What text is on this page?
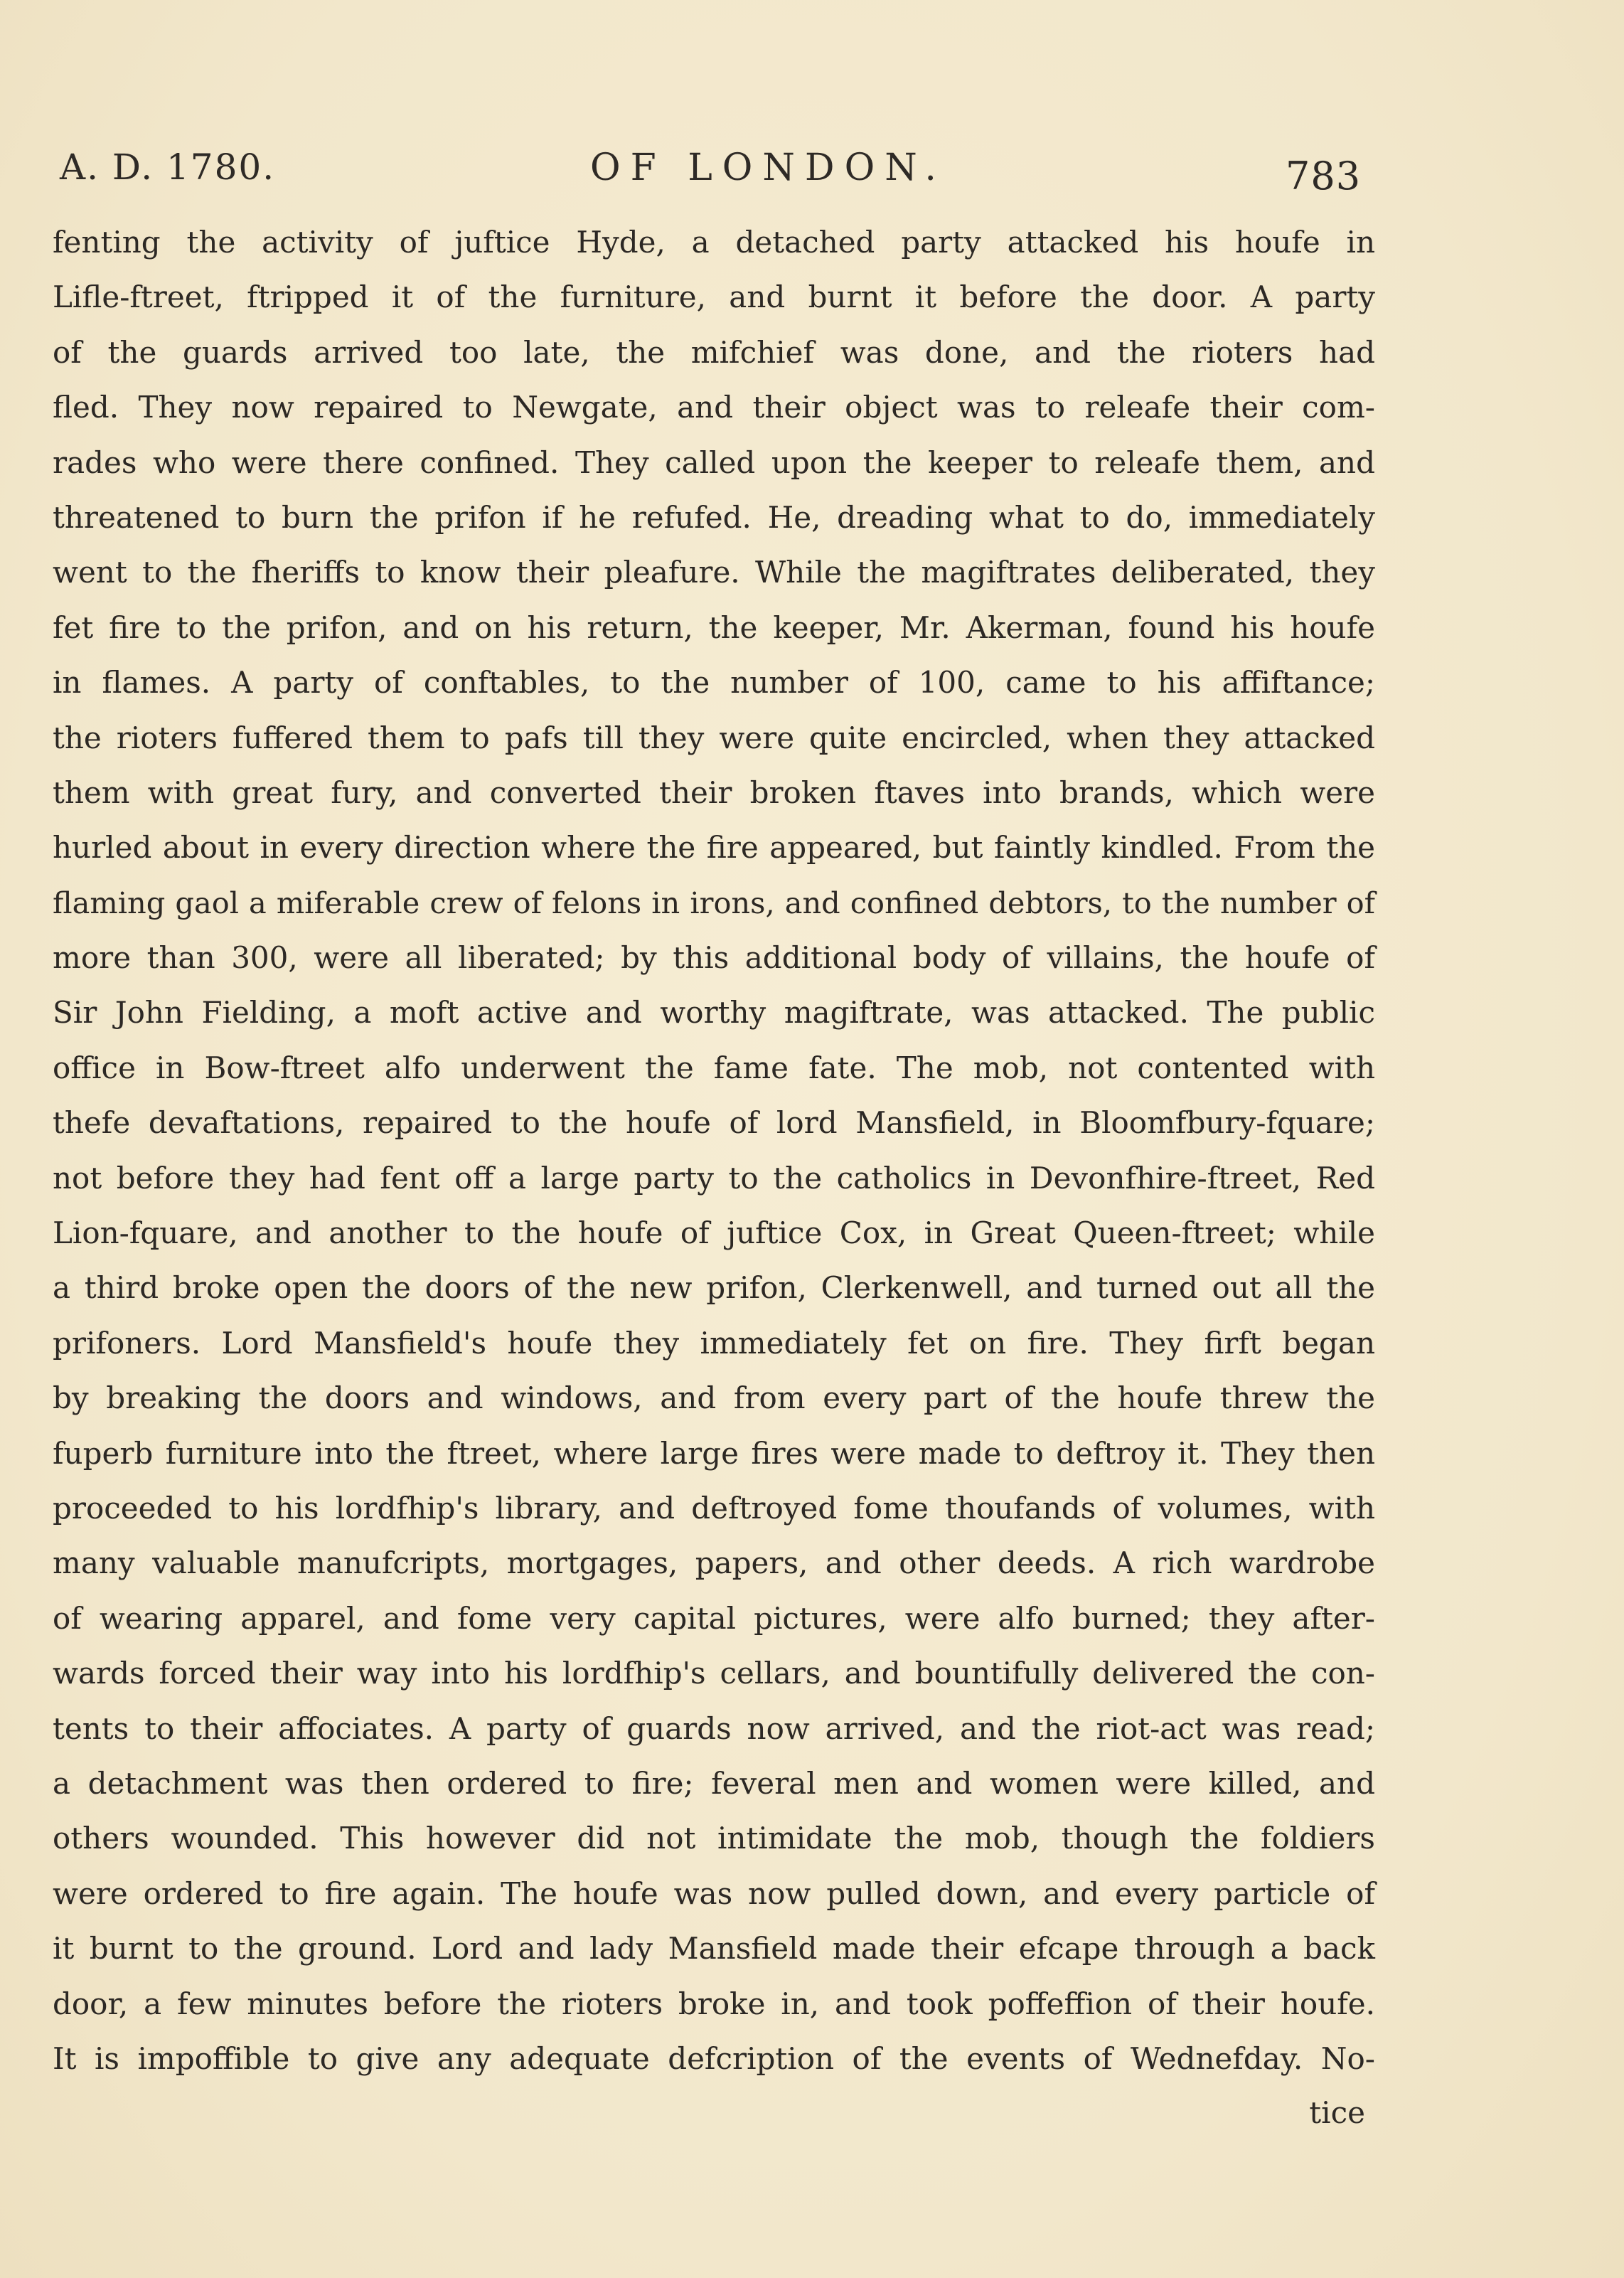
A. D. 1780.	OF LONDON.	783
fenting the activity of juftice Hyde, a detached party attacked his houfe in
Lifle-ftreet, ftripped it of the furniture, and burnt it before the door. A party
of the guards arrived too late, the mifchief was done, and the rioters had
fled. They now repaired to Newgate, and their object was to releafe their com-
rades who were there confined. They called upon the keeper to releafe them, and
threatened to burn the prifon if he refufed. He, dreading what to do, immediately
went to the fheriffs to know their pleafure. While the magiftrates deliberated, they
fet fire to the prifon, and on his return, the keeper, Mr. Akerman, found his houfe
in flames. A party of conftables, to the number of 100, came to his affiftance;
the rioters fuffered them to pafs till they were quite encircled, when they attacked
them with great fury, and converted their broken ftaves into brands, which were
hurled about in every direction where the fire appeared, but faintly kindled. From the
flaming gaol a miferable crew of felons in irons, and confined debtors, to the number of
more than 300, were all liberated; by this additional body of villains, the houfe of
Sir John Fielding, a moft active and worthy magiftrate, was attacked. The public
office in Bow-ftreet alfo underwent the fame fate. The mob, not contented with
thefe devaftations, repaired to the houfe of lord Mansfield, in Bloomfbury-fquare;
not before they had fent off a large party to the catholics in Devonfhire-ftreet, Red
Lion-fquare, and another to the houfe of juftice Cox, in Great Queen-ftreet; while
a third broke open the doors of the new prifon, Clerkenwell, and turned out all the
prifoners. Lord Mansfield's houfe they immediately fet on fire. They firft began
by breaking the doors and windows, and from every part of the houfe threw the
fuperb furniture into the ftreet, where large fires were made to deftroy it. They then
proceeded to his lordfhip's library, and deftroyed fome thoufands of volumes, with
many valuable manufcripts, mortgages, papers, and other deeds. A rich wardrobe
of wearing apparel, and fome very capital pictures, were alfo burned; they after-
wards forced their way into his lordfhip's cellars, and bountifully delivered the con-
tents to their affociates. A party of guards now arrived, and the riot-act was read;
a detachment was then ordered to fire; feveral men and women were killed, and
others wounded. This however did not intimidate the mob, though the foldiers
were ordered to fire again. The houfe was now pulled down, and every particle of
it burnt to the ground. Lord and lady Mansfield made their efcape through a back
door, a few minutes before the rioters broke in, and took poffeffion of their houfe.
It is impoffible to give any adequate defcription of the events of Wednefday. No-
tice
